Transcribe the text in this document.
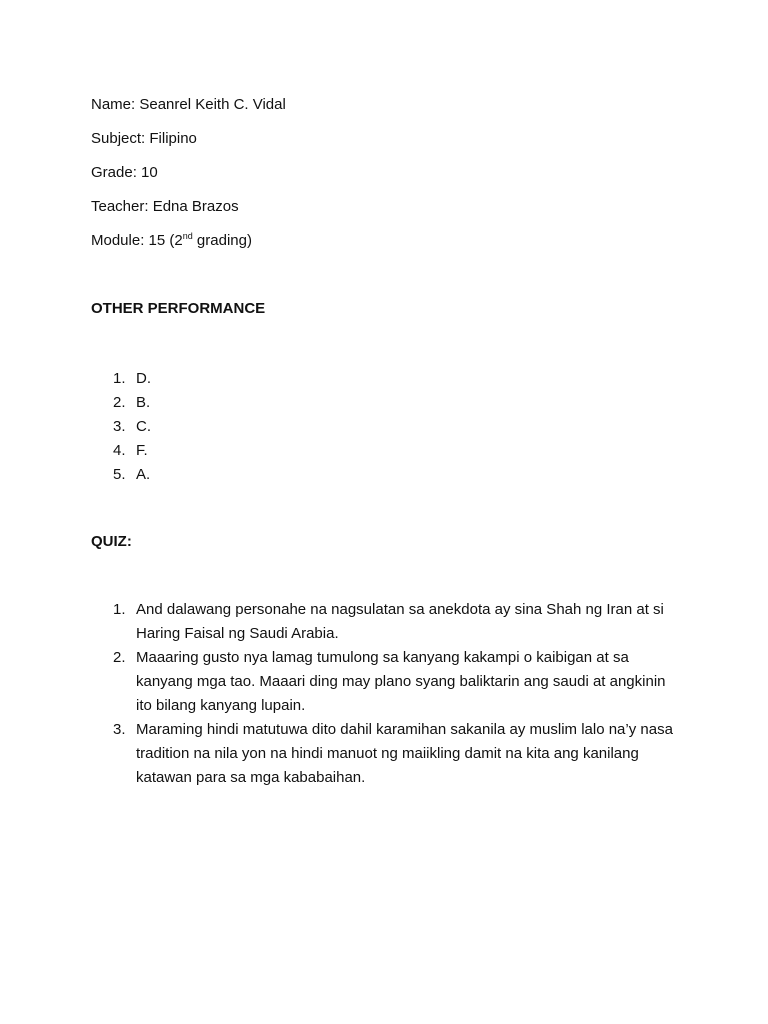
Name: Seanrel Keith C. Vidal
Subject: Filipino
Grade: 10
Teacher: Edna Brazos
Module: 15 (2nd grading)
OTHER PERFORMANCE
1. D.
2. B.
3. C.
4. F.
5. A.
QUIZ:
1. And dalawang personahe na nagsulatan sa anekdota ay sina Shah ng Iran at si Haring Faisal ng Saudi Arabia.
2. Maaaring gusto nya lamag tumulong sa kanyang kakampi o kaibigan at sa kanyang mga tao. Maaari ding may plano syang baliktarin ang saudi at angkinin ito bilang kanyang lupain.
3. Maraming hindi matutuwa dito dahil karamihan sakanila ay muslim lalo na’y nasa tradition na nila yon na hindi manuot ng maiikling damit na kita ang kanilang katawan para sa mga kababaihan.
